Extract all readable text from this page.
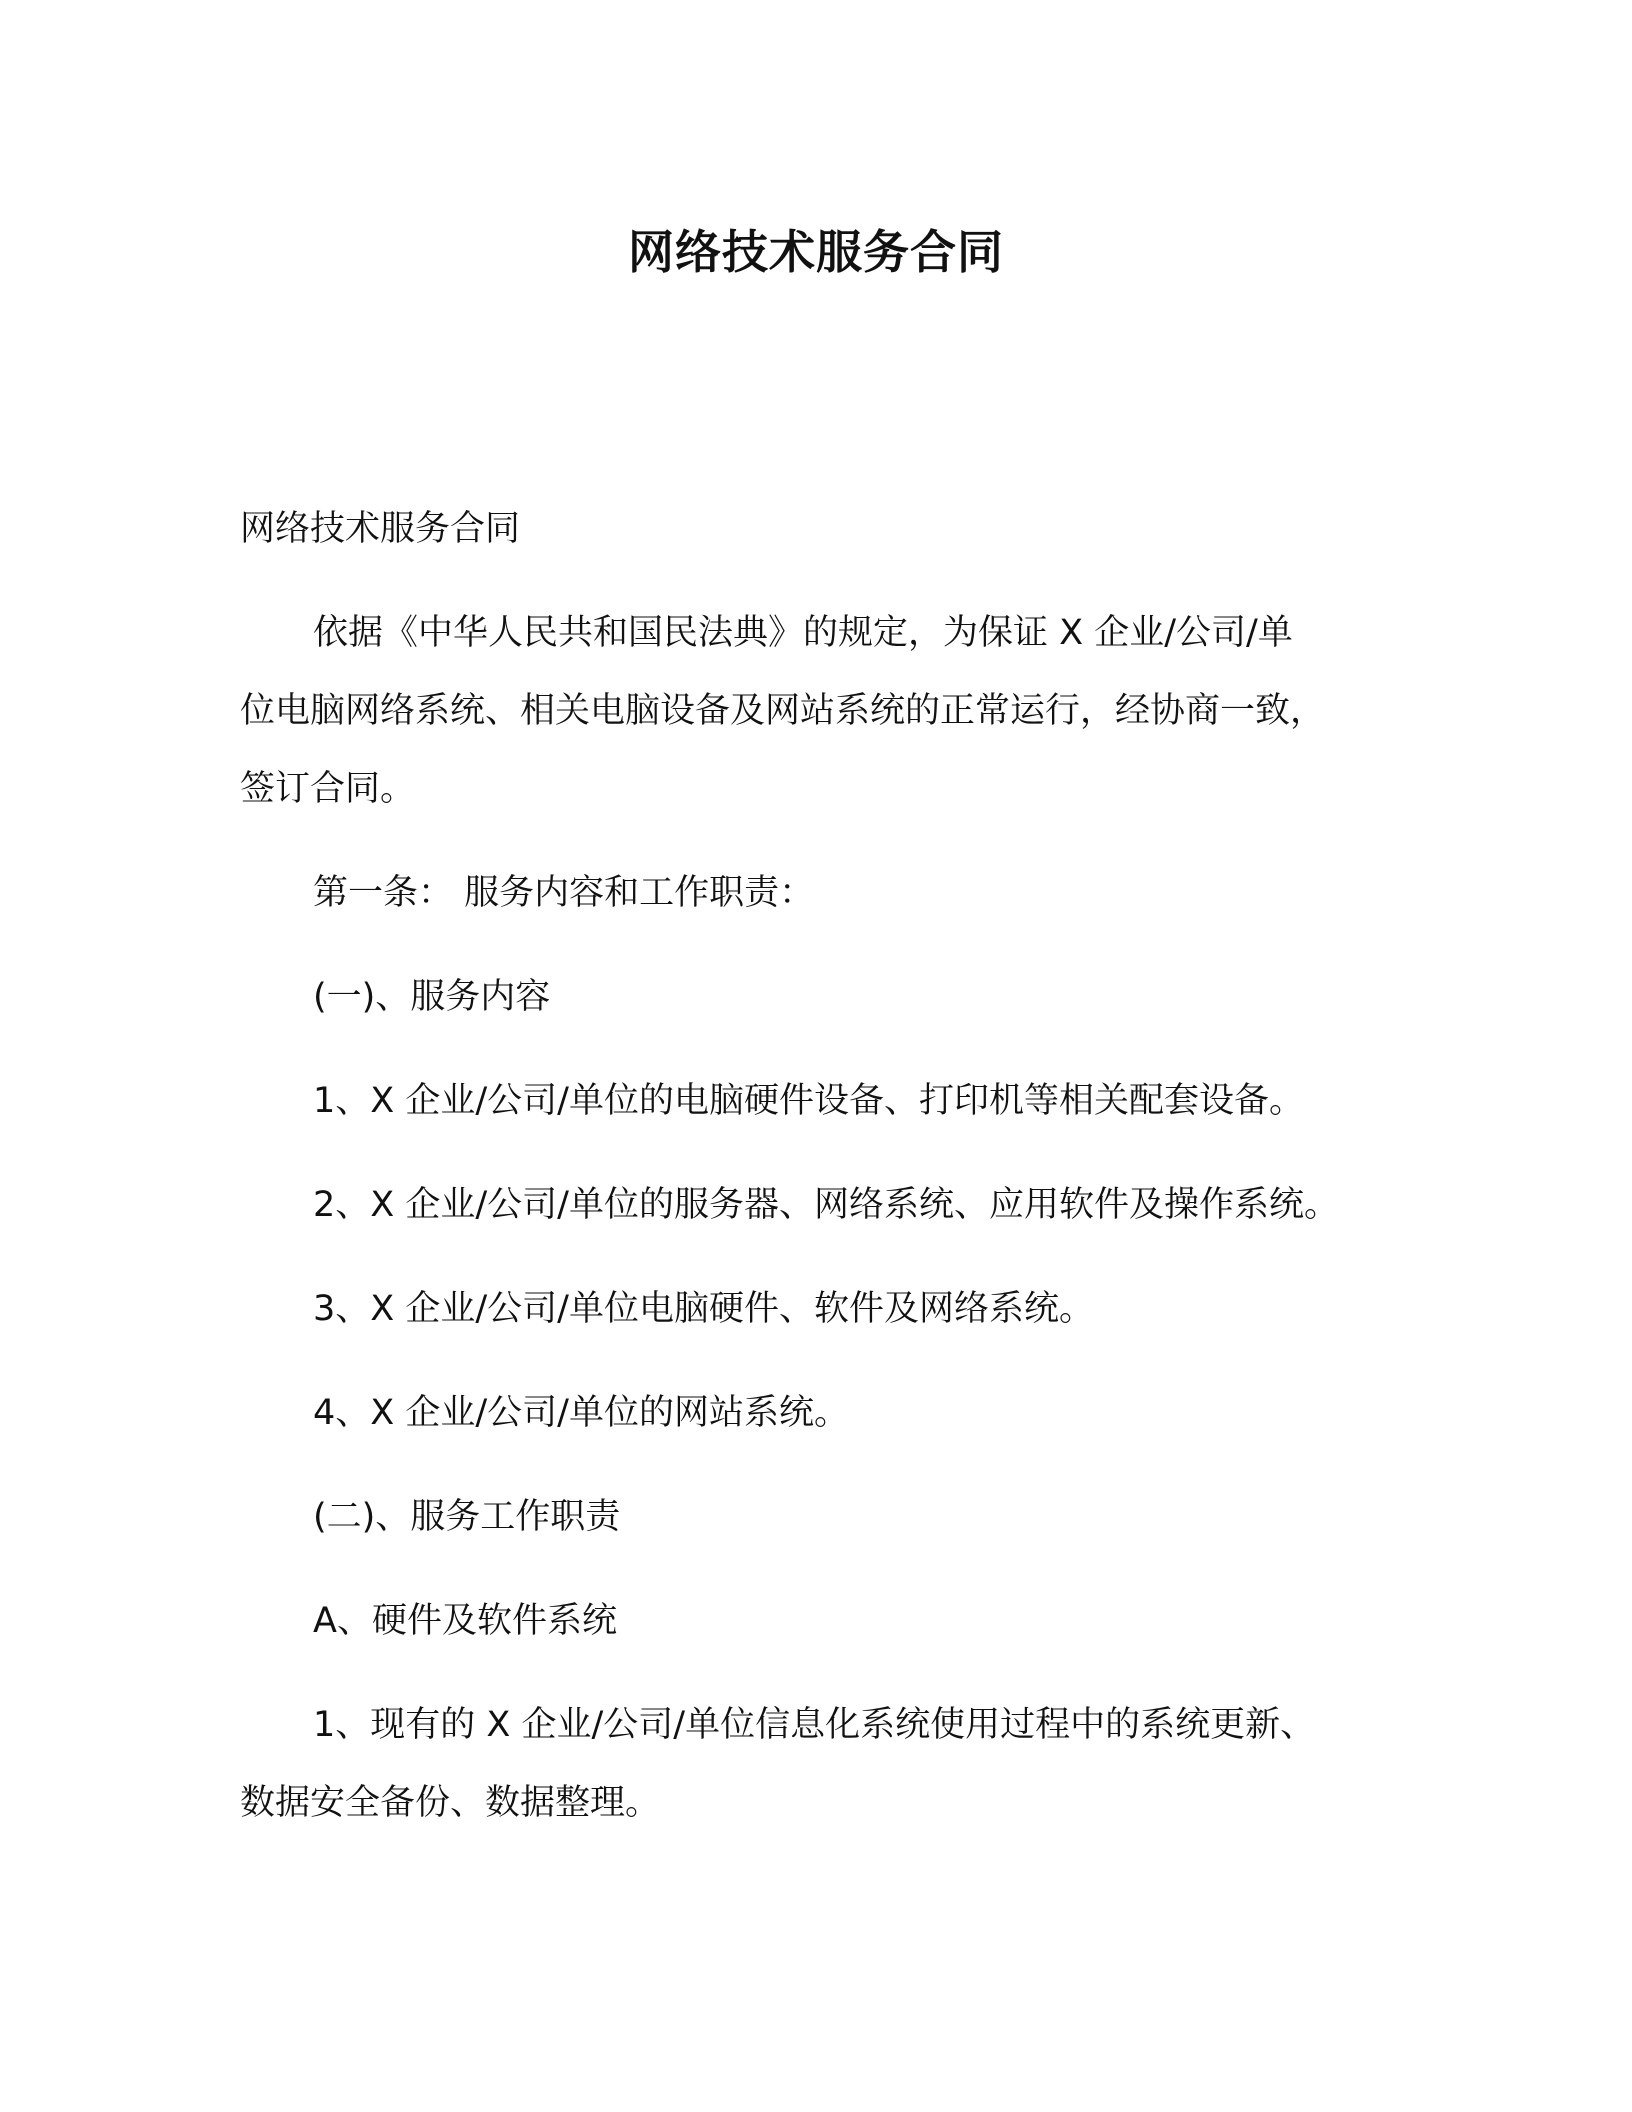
网络技术服务合同

网络技术服务合同

依据《中华人民共和国民法典》的规定，为保证 X 企业/公司/单
位电脑网络系统、相关电脑设备及网站系统的正常运行，经协商一致，
签订合同。

第一条： 服务内容和工作职责：

(一)、服务内容

1、X 企业/公司/单位的电脑硬件设备、打印机等相关配套设备。

2、X 企业/公司/单位的服务器、网络系统、应用软件及操作系统。

3、X 企业/公司/单位电脑硬件、软件及网络系统。

4、X 企业/公司/单位的网站系统。

(二)、服务工作职责

A、硬件及软件系统

1、现有的 X 企业/公司/单位信息化系统使用过程中的系统更新、
数据安全备份、数据整理。
